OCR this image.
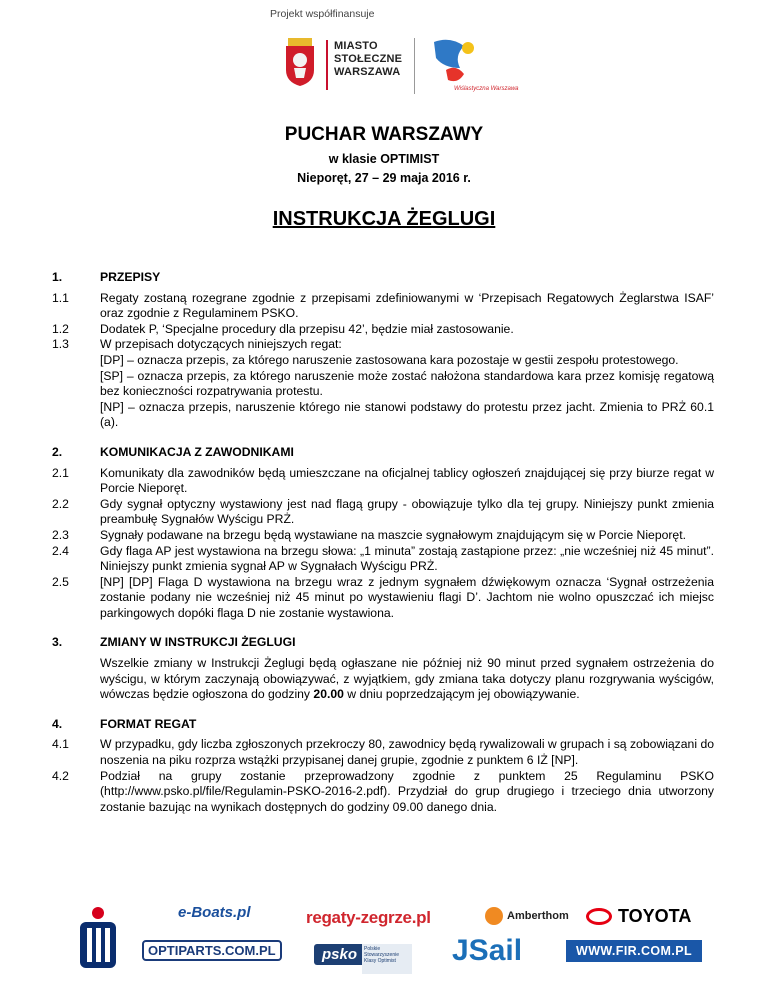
Projekt współfinansuje
MIASTO
STOŁECZNE
WARSZAWA
Wiślastyczna Warszawa
PUCHAR WARSZAWY
w klasie OPTIMIST
Nieporęt, 27 – 29 maja 2016 r.
INSTRUKCJA ŻEGLUGI
1.	PRZEPISY
1.1	Regaty zostaną rozegrane zgodnie z przepisami zdefiniowanymi w ‘Przepisach Regatowych Żeglarstwa ISAF’ oraz zgodnie z Regulaminem PSKO.
1.2	Dodatek P, ‘Specjalne procedury dla przepisu 42’, będzie miał zastosowanie.
1.3	W przepisach dotyczących niniejszych regat:
[DP] – oznacza przepis, za którego naruszenie zastosowana kara pozostaje w gestii zespołu protestowego.
[SP] – oznacza przepis, za którego naruszenie może zostać nałożona standardowa kara przez komisję regatową bez konieczności rozpatrywania protestu.
[NP] – oznacza przepis, naruszenie którego nie stanowi podstawy do protestu przez jacht. Zmienia to PRŻ 60.1 (a).
2.	KOMUNIKACJA Z ZAWODNIKAMI
2.1	Komunikaty dla zawodników będą umieszczane na oficjalnej tablicy ogłoszeń znajdującej się przy biurze regat w Porcie Nieporęt.
2.2	Gdy sygnał optyczny wystawiony jest nad flagą grupy - obowiązuje tylko dla tej grupy. Niniejszy punkt zmienia preambułę Sygnałów Wyścigu PRŻ.
2.3	Sygnały podawane na brzegu będą wystawiane na maszcie sygnałowym znajdującym się w Porcie Nieporęt.
2.4	Gdy flaga AP jest wystawiona na brzegu słowa: „1 minuta” zostają zastąpione przez: „nie wcześniej niż 45 minut”. Niniejszy punkt zmienia sygnał AP w Sygnałach Wyścigu PRŻ.
2.5	[NP] [DP] Flaga D wystawiona na brzegu wraz z jednym sygnałem dźwiękowym oznacza ‘Sygnał ostrzeżenia zostanie podany nie wcześniej niż 45 minut po wystawieniu flagi D’. Jachtom nie wolno opuszczać ich miejsc parkingowych dopóki flaga D nie zostanie wystawiona.
3.	ZMIANY W INSTRUKCJI ŻEGLUGI
Wszelkie zmiany w Instrukcji Żeglugi będą ogłaszane nie później niż 90 minut przed sygnałem ostrzeżenia do wyścigu, w którym zaczynają obowiązywać, z wyjątkiem, gdy zmiana taka dotyczy planu rozgrywania wyścigów, wówczas będzie ogłoszona do godziny 20.00 w dniu poprzedzającym jej obowiązywanie.
4.	FORMAT REGAT
4.1	W przypadku, gdy liczba zgłoszonych przekroczy 80, zawodnicy będą rywalizowali w grupach i są zobowiązani do noszenia na piku rozprza wstążki przypisanej danej grupie, zgodnie z punktem 6 IŻ [NP].
4.2	Podział na grupy zostanie przeprowadzony zgodnie z punktem 25 Regulaminu PSKO (http://www.psko.pl/file/Regulamin-PSKO-2016-2.pdf). Przydział do grup drugiego i trzeciego dnia utworzony zostanie bazując na wynikach dostępnych do godziny 09.00 danego dnia.
e-Boats.pl
OPTIPARTS.COM.PL
regaty-zegrze.pl
psko	Polskie Stowarzyszenie Klasy Optimist
Amberthom
JSail
TOYOTA
WWW.FIR.COM.PL
